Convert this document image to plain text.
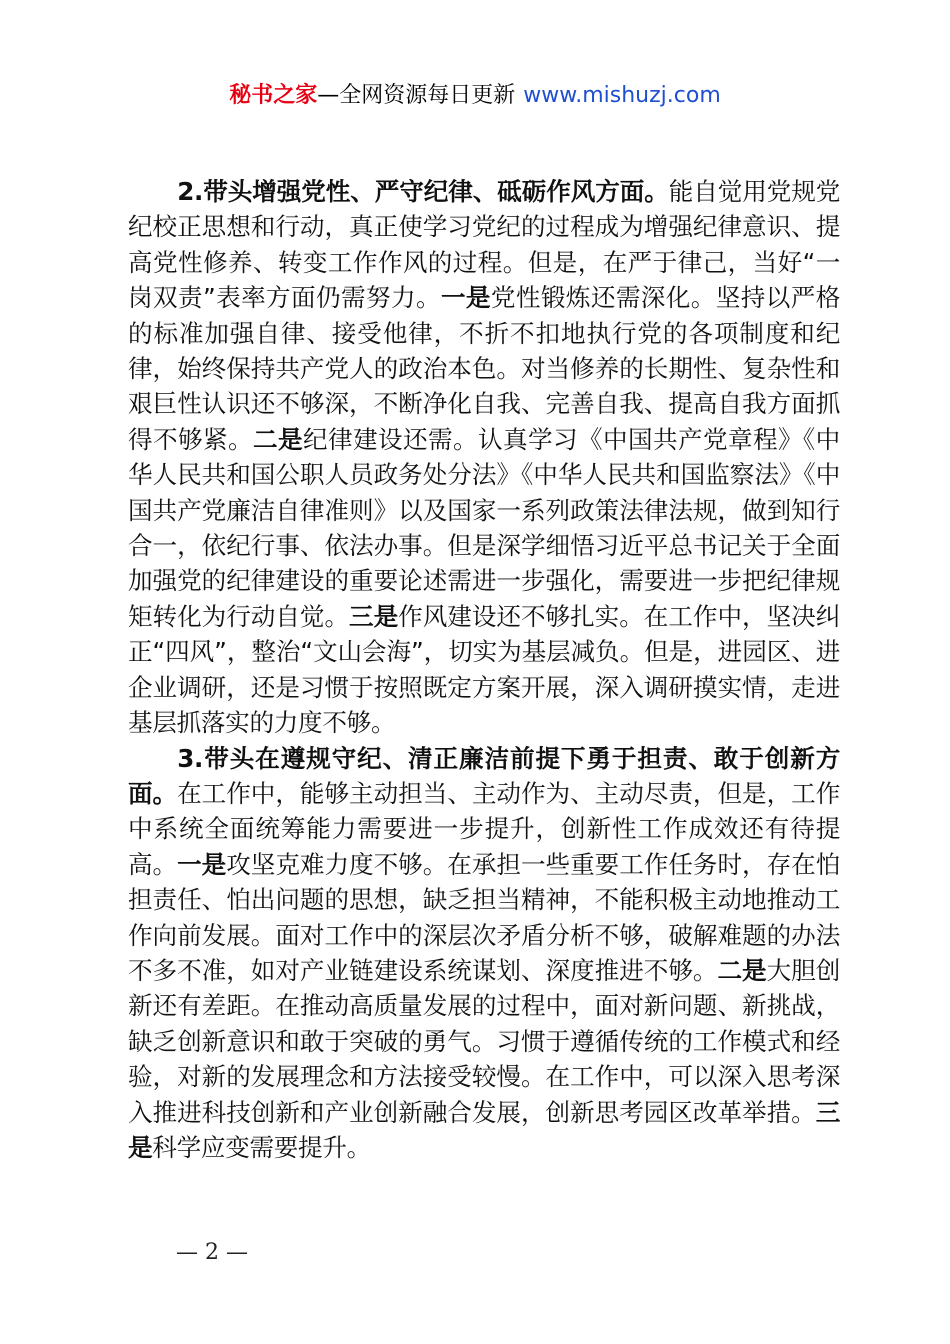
秘书之家—全网资源每日更新 www.mishuzj.com

2.带头增强党性、严守纪律、砥砺作风方面。能自觉用党规党纪校正思想和行动，真正使学习党纪的过程成为增强纪律意识、提高党性修养、转变工作作风的过程。但是，在严于律己，当好“一岗双责”表率方面仍需努力。一是党性锻炼还需深化。坚持以严格的标准加强自律、接受他律，不折不扣地执行党的各项制度和纪律，始终保持共产党人的政治本色。对当修养的长期性、复杂性和艰巨性认识还不够深，不断净化自我、完善自我、提高自我方面抓得不够紧。二是纪律建设还需。认真学习《中国共产党章程》《中华人民共和国公职人员政务处分法》《中华人民共和国监察法》《中国共产党廉洁自律准则》以及国家一系列政策法律法规，做到知行合一，依纪行事、依法办事。但是深学细悟习近平总书记关于全面加强党的纪律建设的重要论述需进一步强化，需要进一步把纪律规矩转化为行动自觉。三是作风建设还不够扎实。在工作中，坚决纠正“四风”，整治“文山会海”，切实为基层减负。但是，进园区、进企业调研，还是习惯于按照既定方案开展，深入调研摸实情，走进基层抓落实的力度不够。

3.带头在遵规守纪、清正廉洁前提下勇于担责、敢于创新方面。在工作中，能够主动担当、主动作为、主动尽责，但是，工作中系统全面统筹能力需要进一步提升，创新性工作成效还有待提高。一是攻坚克难力度不够。在承担一些重要工作任务时，存在怕担责任、怕出问题的思想，缺乏担当精神，不能积极主动地推动工作向前发展。面对工作中的深层次矛盾分析不够，破解难题的办法不多不准，如对产业链建设系统谋划、深度推进不够。二是大胆创新还有差距。在推动高质量发展的过程中，面对新问题、新挑战，缺乏创新意识和敢于突破的勇气。习惯于遵循传统的工作模式和经验，对新的发展理念和方法接受较慢。在工作中，可以深入思考深入推进科技创新和产业创新融合发展，创新思考园区改革举措。三是科学应变需要提升。

— 2 —
